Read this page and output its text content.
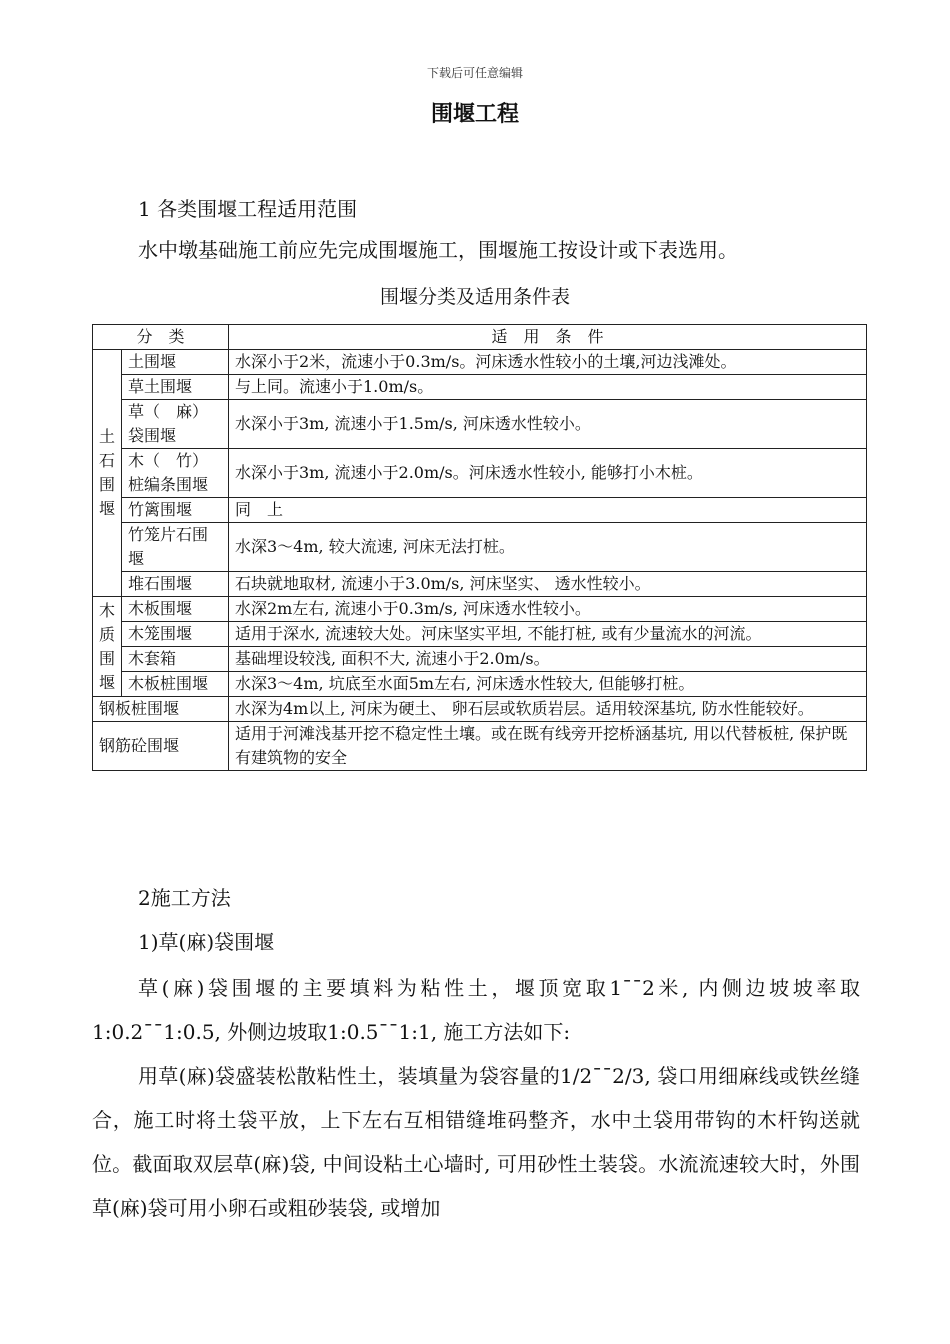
下载后可任意编辑
围堰工程
1 各类围堰工程适用范围
水中墩基础施工前应先完成围堰施工，围堰施工按设计或下表选用。
围堰分类及适用条件表
分　类		适　用　条　件
土石围堰	土围堰	水深小于2米，流速小于0.3m/s。河床透水性较小的土壤,河边浅滩处。
	草土围堰	与上同。流速小于1.0m/s。
	草（　麻）袋围堰	水深小于3m, 流速小于1.5m/s, 河床透水性较小。
	木（　竹）桩编条围堰	水深小于3m, 流速小于2.0m/s。河床透水性较小, 能够打小木桩。
	竹篱围堰	同　上
	竹笼片石围堰	水深3～4m, 较大流速, 河床无法打桩。
	堆石围堰	石块就地取材, 流速小于3.0m/s, 河床坚实、 透水性较小。
木质围堰	木板围堰	水深2m左右, 流速小于0.3m/s, 河床透水性较小。
	木笼围堰	适用于深水, 流速较大处。河床坚实平坦, 不能打桩, 或有少量流水的河流。
	木套箱	基础埋设较浅, 面积不大, 流速小于2.0m/s。
	木板桩围堰	水深3～4m, 坑底至水面5m左右, 河床透水性较大, 但能够打桩。
钢板桩围堰		水深为4m以上, 河床为硬土、 卵石层或软质岩层。适用较深基坑, 防水性能较好。
钢筋砼围堰		适用于河滩浅基开挖不稳定性土壤。或在既有线旁开挖桥涵基坑, 用以代替板桩, 保护既有建筑物的安全
2施工方法
1)草(麻)袋围堰
草(麻)袋围堰的主要填料为粘性土，堰顶宽取1¯¯2米, 内侧边坡坡率取1:0.2¯¯1:0.5, 外侧边坡取1:0.5¯¯1:1, 施工方法如下:
用草(麻)袋盛装松散粘性土，装填量为袋容量的1/2¯¯2/3, 袋口用细麻线或铁丝缝合，施工时将土袋平放，上下左右互相错缝堆码整齐，水中土袋用带钩的木杆钩送就位。截面取双层草(麻)袋, 中间设粘土心墙时, 可用砂性土装袋。水流流速较大时，外围草(麻)袋可用小卵石或粗砂装袋, 或增加
